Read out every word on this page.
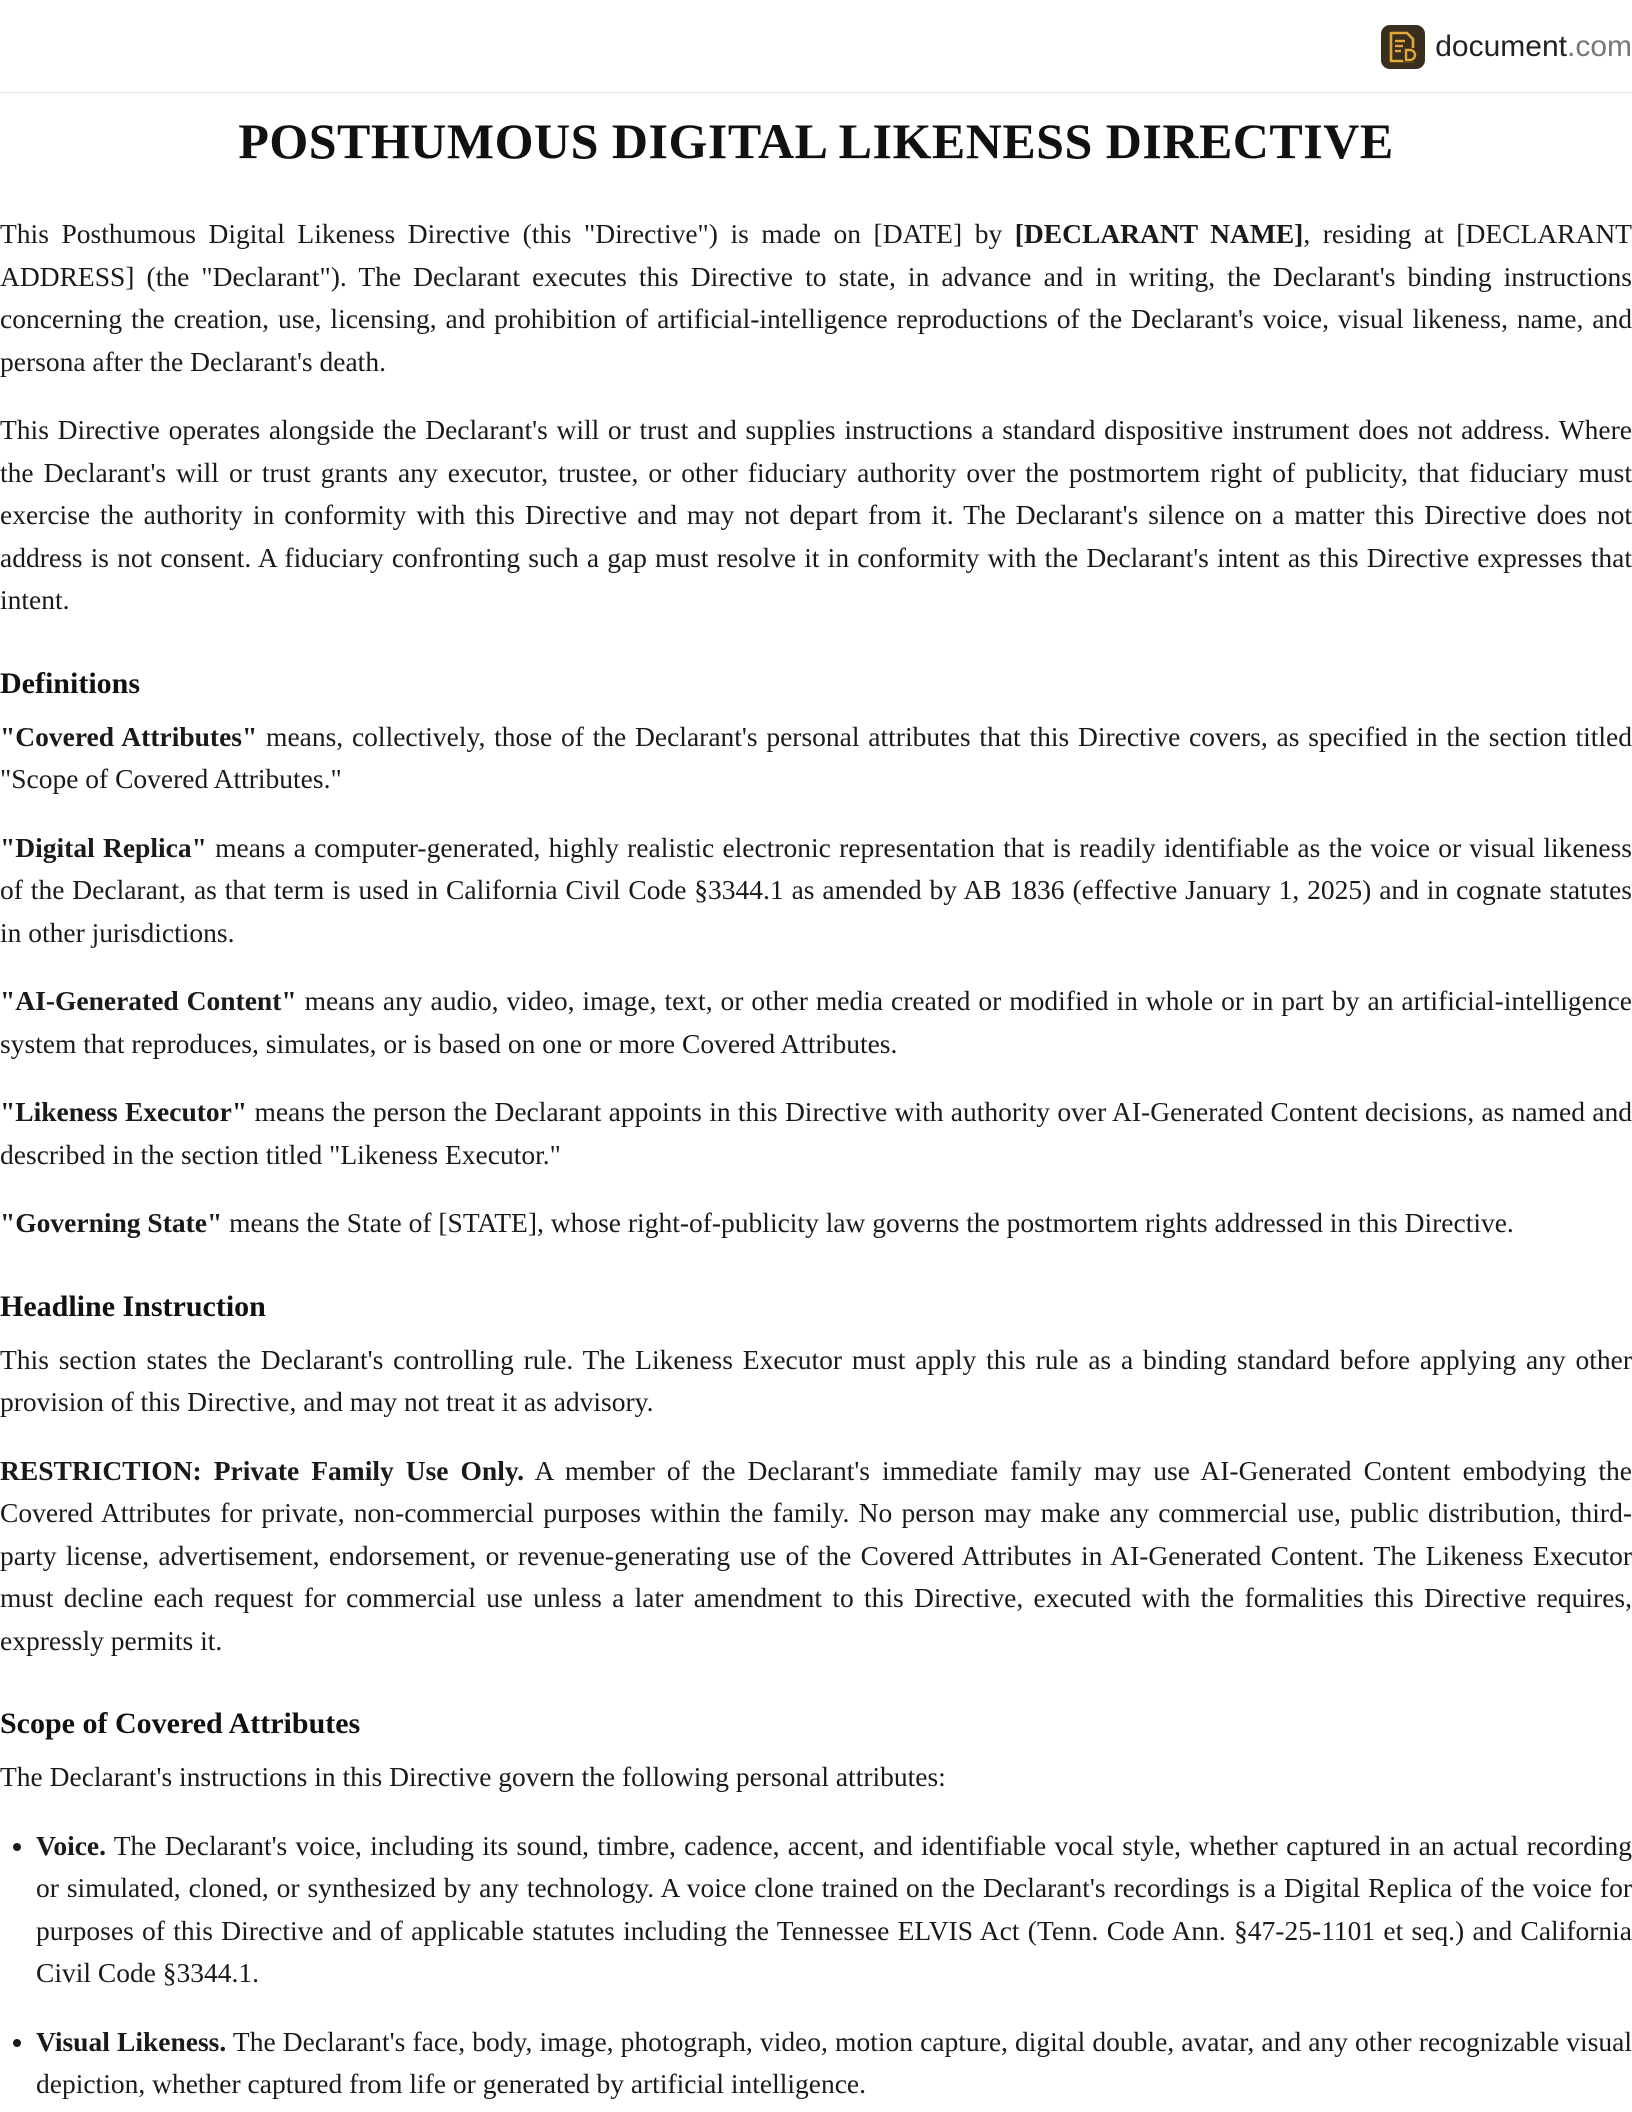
document.com
POSTHUMOUS DIGITAL LIKENESS DIRECTIVE

This Posthumous Digital Likeness Directive (this "Directive") is made on [DATE] by [DECLARANT NAME], residing at [DECLARANT ADDRESS] (the "Declarant"). The Declarant executes this Directive to state, in advance and in writing, the Declarant's binding instructions concerning the creation, use, licensing, and prohibition of artificial-intelligence reproductions of the Declarant's voice, visual likeness, name, and persona after the Declarant's death.

This Directive operates alongside the Declarant's will or trust and supplies instructions a standard dispositive instrument does not address. Where the Declarant's will or trust grants any executor, trustee, or other fiduciary authority over the postmortem right of publicity, that fiduciary must exercise the authority in conformity with this Directive and may not depart from it. The Declarant's silence on a matter this Directive does not address is not consent. A fiduciary confronting such a gap must resolve it in conformity with the Declarant's intent as this Directive expresses that intent.

Definitions

"Covered Attributes" means, collectively, those of the Declarant's personal attributes that this Directive covers, as specified in the section titled "Scope of Covered Attributes."

"Digital Replica" means a computer-generated, highly realistic electronic representation that is readily identifiable as the voice or visual likeness of the Declarant, as that term is used in California Civil Code §3344.1 as amended by AB 1836 (effective January 1, 2025) and in cognate statutes in other jurisdictions.

"AI-Generated Content" means any audio, video, image, text, or other media created or modified in whole or in part by an artificial-intelligence system that reproduces, simulates, or is based on one or more Covered Attributes.

"Likeness Executor" means the person the Declarant appoints in this Directive with authority over AI-Generated Content decisions, as named and described in the section titled "Likeness Executor."

"Governing State" means the State of [STATE], whose right-of-publicity law governs the postmortem rights addressed in this Directive.

Headline Instruction

This section states the Declarant's controlling rule. The Likeness Executor must apply this rule as a binding standard before applying any other provision of this Directive, and may not treat it as advisory.

RESTRICTION: Private Family Use Only. A member of the Declarant's immediate family may use AI-Generated Content embodying the Covered Attributes for private, non-commercial purposes within the family. No person may make any commercial use, public distribution, third-party license, advertisement, endorsement, or revenue-generating use of the Covered Attributes in AI-Generated Content. The Likeness Executor must decline each request for commercial use unless a later amendment to this Directive, executed with the formalities this Directive requires, expressly permits it.

Scope of Covered Attributes

The Declarant's instructions in this Directive govern the following personal attributes:

• Voice. The Declarant's voice, including its sound, timbre, cadence, accent, and identifiable vocal style, whether captured in an actual recording or simulated, cloned, or synthesized by any technology. A voice clone trained on the Declarant's recordings is a Digital Replica of the voice for purposes of this Directive and of applicable statutes including the Tennessee ELVIS Act (Tenn. Code Ann. §47-25-1101 et seq.) and California Civil Code §3344.1.
• Visual Likeness. The Declarant's face, body, image, photograph, video, motion capture, digital double, avatar, and any other recognizable visual depiction, whether captured from life or generated by artificial intelligence.
